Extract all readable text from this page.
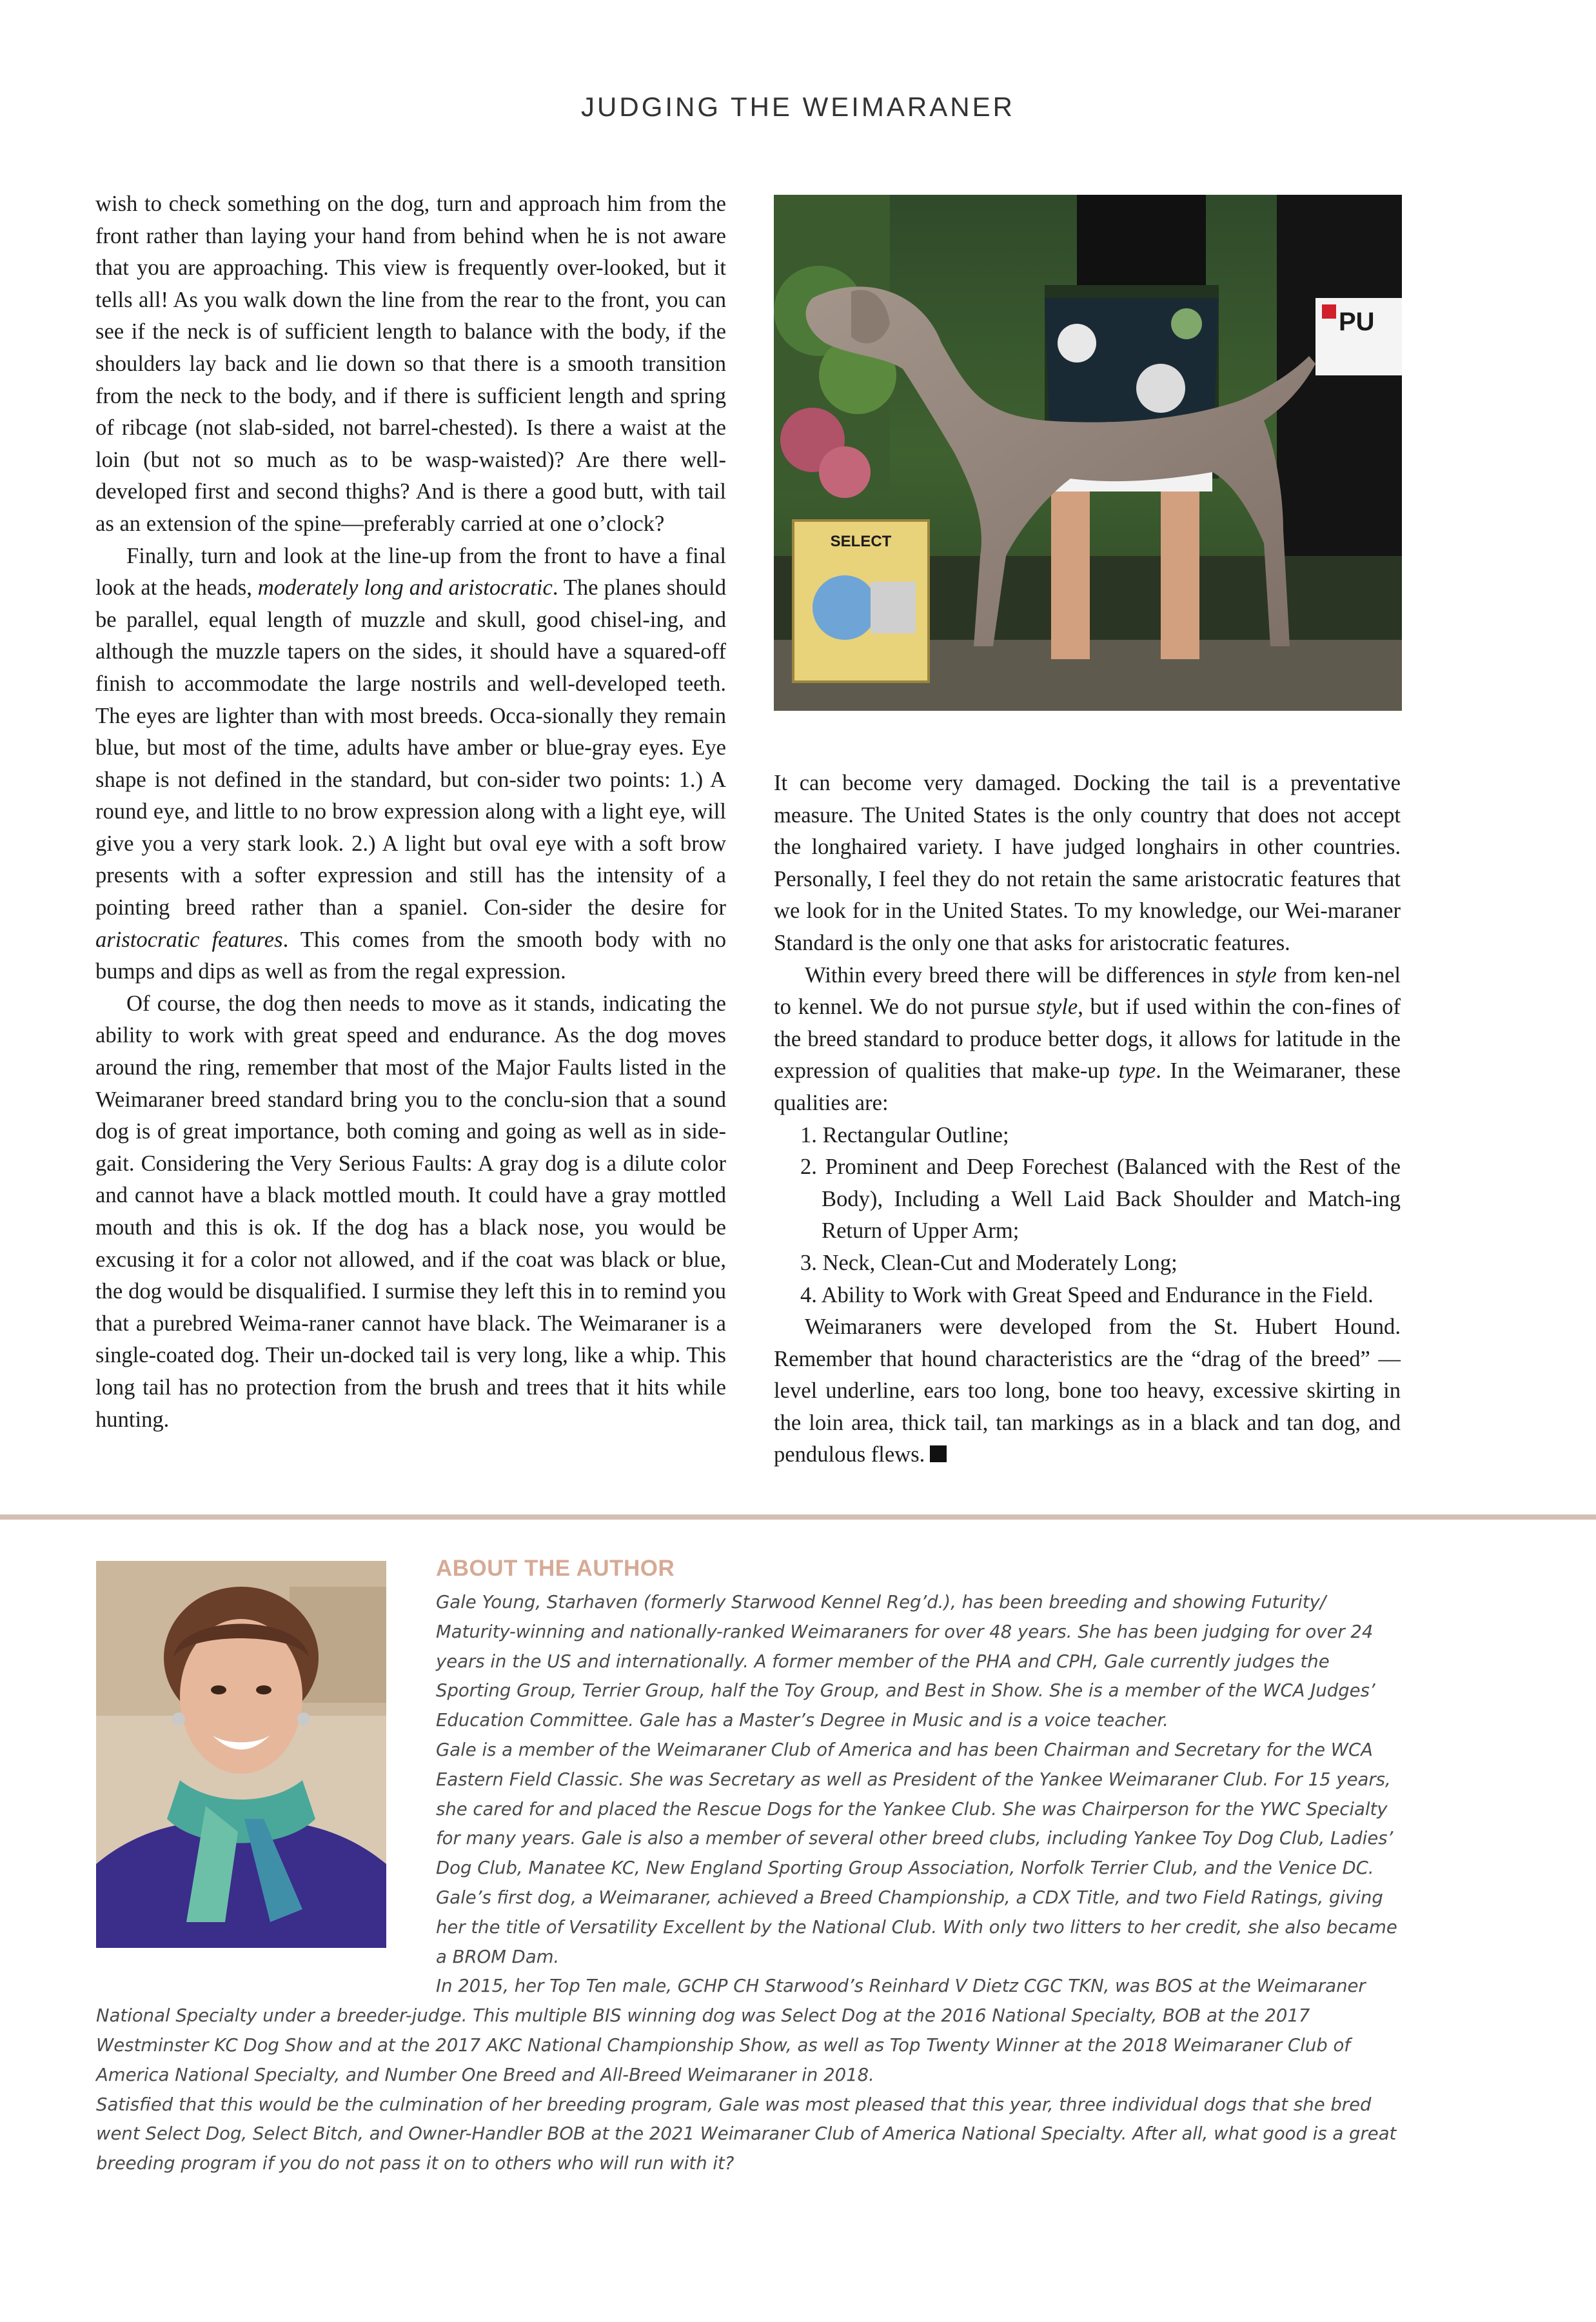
JUDGING THE WEIMARANER

wish to check something on the dog, turn and approach him from the front rather than laying your hand from behind when he is not aware that you are approaching. This view is frequently over-looked, but it tells all! As you walk down the line from the rear to the front, you can see if the neck is of sufficient length to balance with the body, if the shoulders lay back and lie down so that there is a smooth transition from the neck to the body, and if there is sufficient length and spring of ribcage (not slab-sided, not barrel-chested). Is there a waist at the loin (but not so much as to be wasp-waisted)? Are there well-developed first and second thighs? And is there a good butt, with tail as an extension of the spine—preferably carried at one o’clock?

Finally, turn and look at the line-up from the front to have a final look at the heads, moderately long and aristocratic. The planes should be parallel, equal length of muzzle and skull, good chisel-ing, and although the muzzle tapers on the sides, it should have a squared-off finish to accommodate the large nostrils and well-developed teeth. The eyes are lighter than with most breeds. Occa-sionally they remain blue, but most of the time, adults have amber or blue-gray eyes. Eye shape is not defined in the standard, but con-sider two points: 1.) A round eye, and little to no brow expression along with a light eye, will give you a very stark look. 2.) A light but oval eye with a soft brow presents with a softer expression and still has the intensity of a pointing breed rather than a spaniel. Con-sider the desire for aristocratic features. This comes from the smooth body with no bumps and dips as well as from the regal expression.

Of course, the dog then needs to move as it stands, indicating the ability to work with great speed and endurance. As the dog moves around the ring, remember that most of the Major Faults listed in the Weimaraner breed standard bring you to the conclu-sion that a sound dog is of great importance, both coming and going as well as in side-gait. Considering the Very Serious Faults: A gray dog is a dilute color and cannot have a black mottled mouth. It could have a gray mottled mouth and this is ok. If the dog has a black nose, you would be excusing it for a color not allowed, and if the coat was black or blue, the dog would be disqualified. I surmise they left this in to remind you that a purebred Weima-raner cannot have black. The Weimaraner is a single-coated dog. Their un-docked tail is very long, like a whip. This long tail has no protection from the brush and trees that it hits while hunting.

PU
SELECT

It can become very damaged. Docking the tail is a preventative measure. The United States is the only country that does not accept the longhaired variety. I have judged longhairs in other countries. Personally, I feel they do not retain the same aristocratic features that we look for in the United States. To my knowledge, our Wei-maraner Standard is the only one that asks for aristocratic features.

Within every breed there will be differences in style from ken-nel to kennel. We do not pursue style, but if used within the con-fines of the breed standard to produce better dogs, it allows for latitude in the expression of qualities that make-up type. In the Weimaraner, these qualities are:

1. Rectangular Outline;
2. Prominent and Deep Forechest (Balanced with the Rest of the Body), Including a Well Laid Back Shoulder and Match-ing Return of Upper Arm;
3. Neck, Clean-Cut and Moderately Long;
4. Ability to Work with Great Speed and Endurance in the Field.

Weimaraners were developed from the St. Hubert Hound. Remember that hound characteristics are the “drag of the breed” —level underline, ears too long, bone too heavy, excessive skirting in the loin area, thick tail, tan markings as in a black and tan dog, and pendulous flews.

ABOUT THE AUTHOR

Gale Young, Starhaven (formerly Starwood Kennel Reg’d.), has been breeding and showing Futurity/ Maturity-winning and nationally-ranked Weimaraners for over 48 years. She has been judging for over 24 years in the US and internationally. A former member of the PHA and CPH, Gale currently judges the Sporting Group, Terrier Group, half the Toy Group, and Best in Show. She is a member of the WCA Judges’ Education Committee. Gale has a Master’s Degree in Music and is a voice teacher.

Gale is a member of the Weimaraner Club of America and has been Chairman and Secretary for the WCA Eastern Field Classic. She was Secretary as well as President of the Yankee Weimaraner Club. For 15 years, she cared for and placed the Rescue Dogs for the Yankee Club. She was Chairperson for the YWC Specialty for many years. Gale is also a member of several other breed clubs, including Yankee Toy Dog Club, Ladies’ Dog Club, Manatee KC, New England Sporting Group Association, Norfolk Terrier Club, and the Venice DC.

Gale’s first dog, a Weimaraner, achieved a Breed Championship, a CDX Title, and two Field Ratings, giving her the title of Versatility Excellent by the National Club. With only two litters to her credit, she also became a BROM Dam.

In 2015, her Top Ten male, GCHP CH Starwood’s Reinhard V Dietz CGC TKN, was BOS at the Weimaraner National Specialty under a breeder-judge. This multiple BIS winning dog was Select Dog at the 2016 National Specialty, BOB at the 2017 Westminster KC Dog Show and at the 2017 AKC National Championship Show, as well as Top Twenty Winner at the 2018 Weimaraner Club of America National Specialty, and Number One Breed and All-Breed Weimaraner in 2018.

Satisfied that this would be the culmination of her breeding program, Gale was most pleased that this year, three individual dogs that she bred went Select Dog, Select Bitch, and Owner-Handler BOB at the 2021 Weimaraner Club of America National Specialty. After all, what good is a great breeding program if you do not pass it on to others who will run with it?
